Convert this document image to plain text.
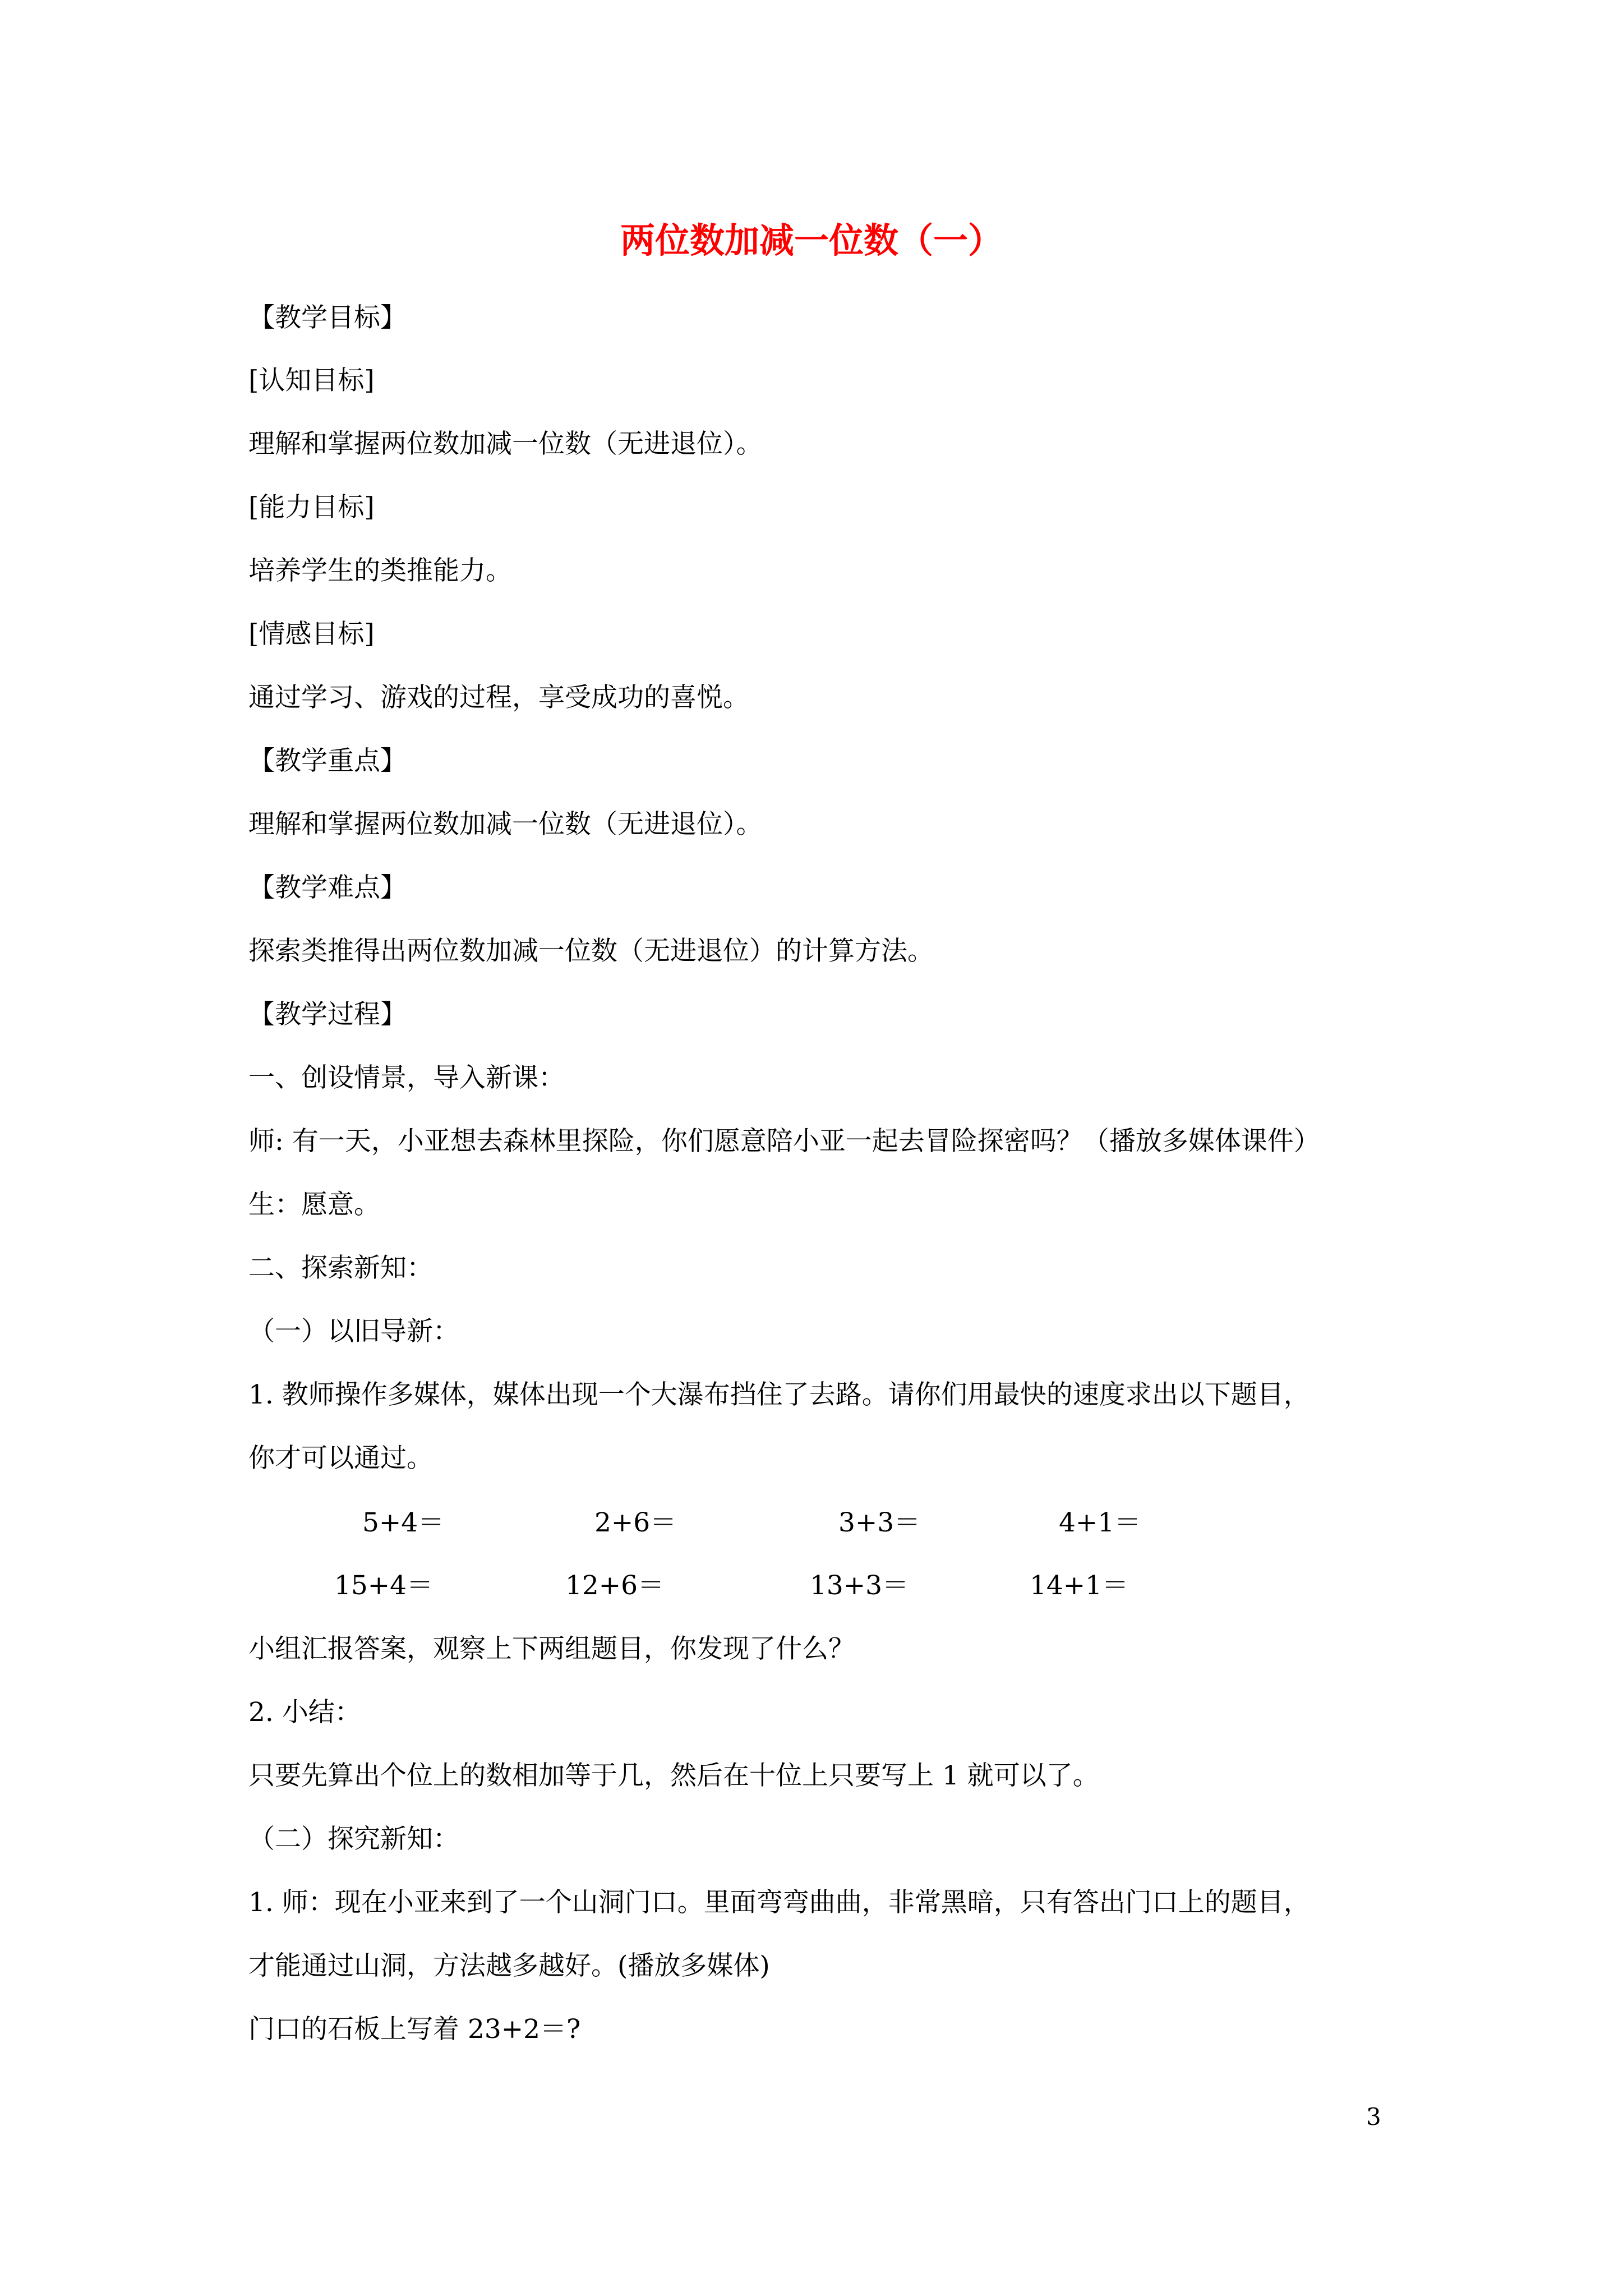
两位数加减一位数（一）
【教学目标】
[认知目标]
理解和掌握两位数加减一位数（无进退位）。
[能力目标]
培养学生的类推能力。
[情感目标]
通过学习、游戏的过程，享受成功的喜悦。
【教学重点】
理解和掌握两位数加减一位数（无进退位）。
【教学难点】
探索类推得出两位数加减一位数（无进退位）的计算方法。
【教学过程】
一、创设情景，导入新课：
师: 有一天，小亚想去森林里探险，你们愿意陪小亚一起去冒险探密吗？（播放多媒体课件）
生：愿意。
二、探索新知：
（一）以旧导新：
1. 教师操作多媒体，媒体出现一个大瀑布挡住了去路。请你们用最快的速度求出以下题目，
你才可以通过。
5+4＝	2+6＝	3+3＝	4+1＝
15+4＝	12+6＝	13+3＝	14+1＝
小组汇报答案，观察上下两组题目，你发现了什么？
2. 小结：
只要先算出个位上的数相加等于几，然后在十位上只要写上 1 就可以了。
（二）探究新知：
1. 师：现在小亚来到了一个山洞门口。里面弯弯曲曲，非常黑暗，只有答出门口上的题目，
才能通过山洞，方法越多越好。(播放多媒体)
门口的石板上写着 23+2＝?
3
